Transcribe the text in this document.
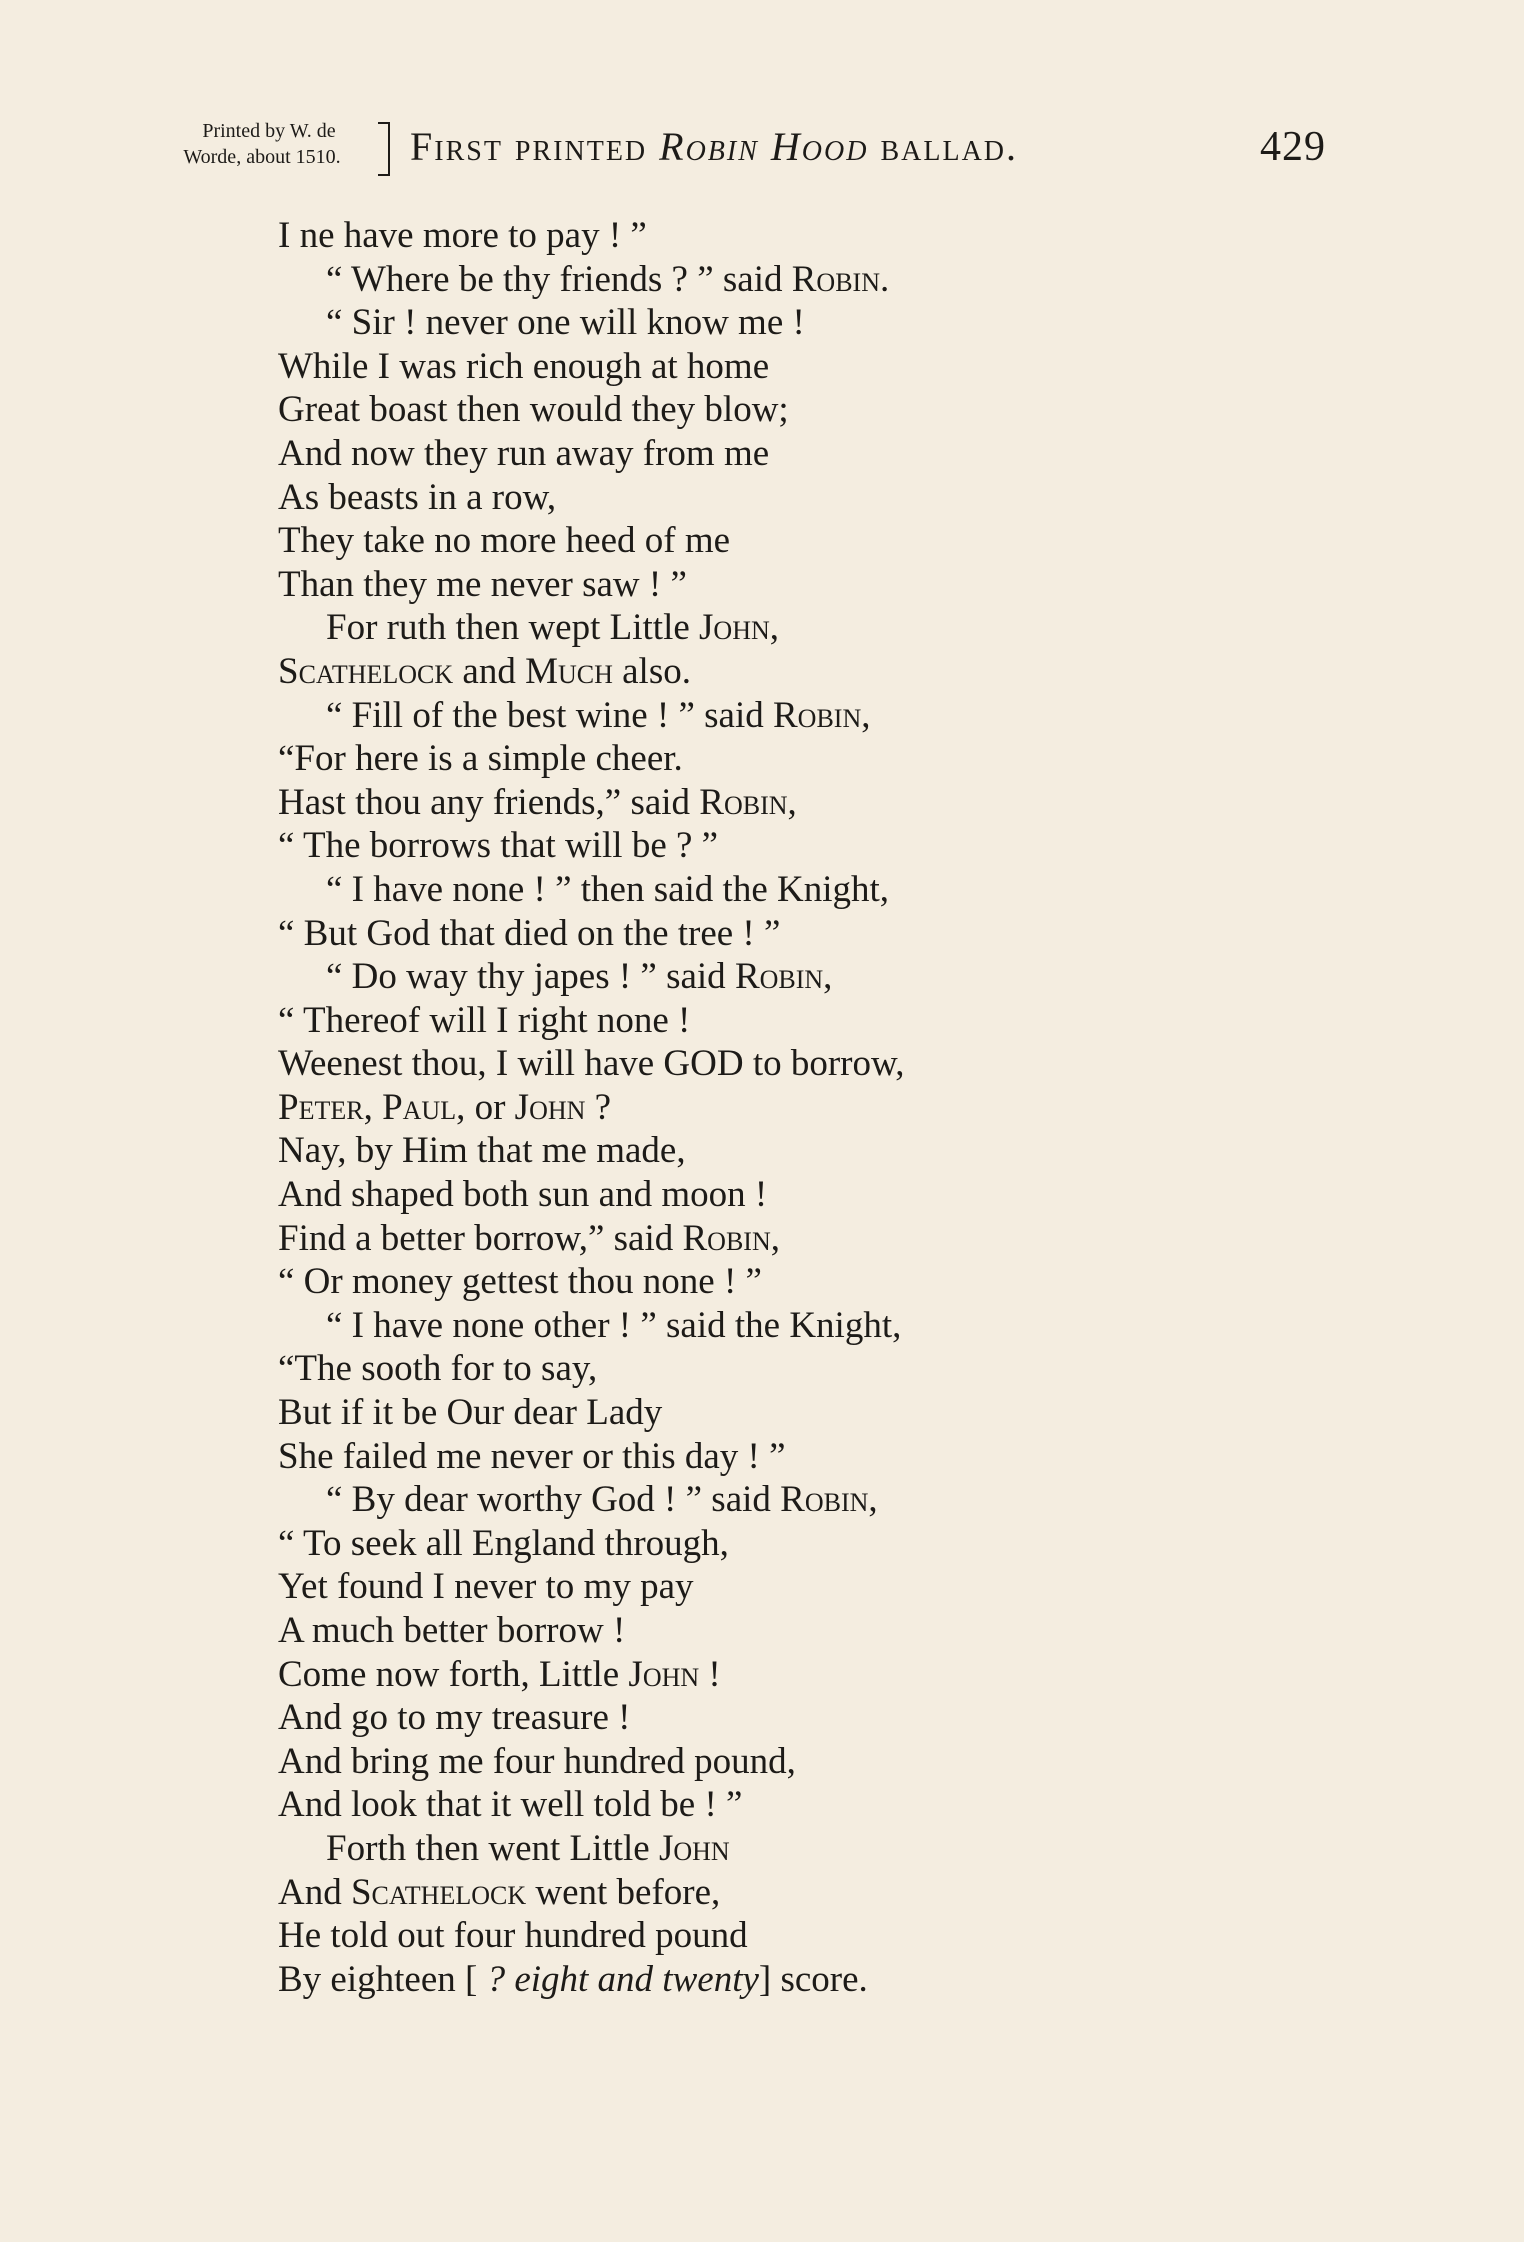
Printed by W. de
Worde, about 1510.	First printed Robin Hood ballad.	429
I ne have more to pay ! ”
“ Where be thy friends ? ” said Robin.
“ Sir ! never one will know me !
While I was rich enough at home
Great boast then would they blow;
And now they run away from me
As beasts in a row,
They take no more heed of me
Than they me never saw ! ”
For ruth then wept Little John,
Scathelock and Much also.
“ Fill of the best wine ! ” said Robin,
“For here is a simple cheer.
Hast thou any friends,” said Robin,
“ The borrows that will be ? ”
“ I have none ! ” then said the Knight,
“ But God that died on the tree ! ”
“ Do way thy japes ! ” said Robin,
“ Thereof will I right none !
Weenest thou, I will have GOD to borrow,
Peter, Paul, or John ?
Nay, by Him that me made,
And shaped both sun and moon !
Find a better borrow,” said Robin,
“ Or money gettest thou none ! ”
“ I have none other ! ” said the Knight,
“The sooth for to say,
But if it be Our dear Lady
She failed me never or this day ! ”
“ By dear worthy God ! ” said Robin,
“ To seek all England through,
Yet found I never to my pay
A much better borrow !
Come now forth, Little John !
And go to my treasure !
And bring me four hundred pound,
And look that it well told be ! ”
Forth then went Little John
And Scathelock went before,
He told out four hundred pound
By eighteen [ ? eight and twenty] score.
